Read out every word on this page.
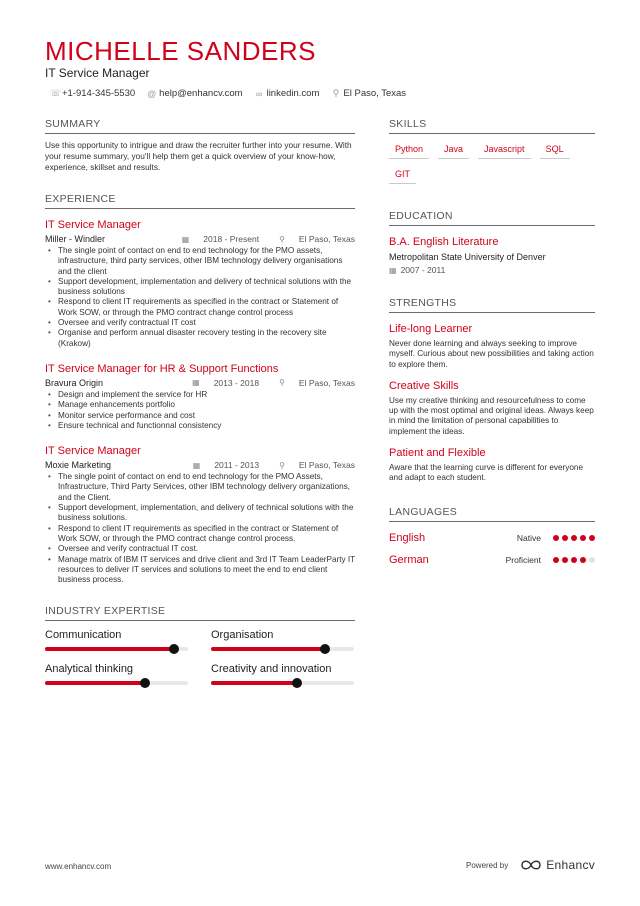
MICHELLE SANDERS
IT Service Manager
☏ +1-914-345-5530 @ help@enhancv.com ∞ linkedin.com ⚲ El Paso, Texas
SUMMARY

Use this opportunity to intrigue and draw the recruiter further into your resume. With your resume summary, you'll help them get a quick overview of your know-how, experience, skillset and results.

EXPERIENCE
IT Service Manager
Miller - Windler	▦ 2018 - Present	⚲ El Paso, Texas
• The single point of contact on end to end technology for the PMO assets, infrastructure, third party services, other IBM technology delivery organisations and the client
• Support development, implementation and delivery of technical solutions with the business solutions
• Respond to client IT requirements as specified in the contract or Statement of Work SOW, or through the PMO contract change control process
• Oversee and verify contractual IT cost
• Organise and perform annual disaster recovery testing in the recovery site (Krakow)
IT Service Manager for HR & Support Functions
Bravura Origin	▦ 2013 - 2018	⚲ El Paso, Texas
• Design and implement the service for HR
• Manage enhancements portfolio
• Monitor service performance and cost
• Ensure technical and functionnal consistency
IT Service Manager
Moxie Marketing	▦ 2011 - 2013	⚲ El Paso, Texas
• The single point of contact on end to end technology for the PMO Assets, Infrastructure, Third Party Services, other IBM technology delivery organizations, and the Client.
• Support development, implementation, and delivery of technical solutions with the business solutions.
• Respond to client IT requirements as specified in the contract or Statement of Work SOW, or through the PMO contract change control process.
• Oversee and verify contractual IT cost.
• Manage matrix of IBM IT services and drive client and 3rd IT Team LeaderParty IT resources to deliver IT services and solutions to meet the end to end client business process.
INDUSTRY EXPERTISE
Communication	Organisation
Analytical thinking	Creativity and innovation
SKILLS
Python	Java	Javascript	SQL
GIT
EDUCATION
B.A. English Literature
Metropolitan State University of Denver
▦ 2007 - 2011
STRENGTHS
Life-long Learner
Never done learning and always seeking to improve myself. Curious about new possibilities and taking action to explore them.
Creative Skills
Use my creative thinking and resourcefulness to come up with the most optimal and original ideas. Always keep in mind the limitation of personal capabilities to implement the ideas.
Patient and Flexible
Aware that the learning curve is different for everyone and adapt to each student.
LANGUAGES
English	Native
German	Proficient
www.enhancv.com	Powered by	Enhancv
